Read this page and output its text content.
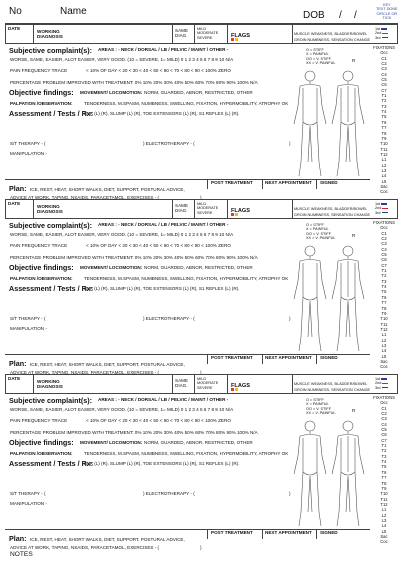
No	Name	DOB / /
KEY
TEXT DONE
CIRCLE OR
TICK
DATE
WORKING
DIAGNOSIS
SAME
DIAG.
MILD
MODERATE
SEVERE	FLAGS	MUSCLE WEAKNESS, BLADDER/BOWEL
GROIN NUMBNESS, SENSATION CHANGE
1st
2nd
3rd
Subjective complaint(s): AREAS : - NECK / DORSAL / LB / PELVIC / MAINT / OTHER -	O = STIFF
X = PAINFUL
OO = V. STIFF
XX = V. PAINFUL
WORSE, SAME, EASIER, ALOT EASIER, VERY GOOD. (10 = SEVERE, 1= MILD) 0 1 2 3 4 5 6 7 8 9 10 N/A
PAIN FREQUENCY TRACE	< 10% OF DAY < 20 < 30 < 40 < 50 < 60 < 70 < 80 < 90 < 100% ZERO
PERCENTAGE PROBLEM IMPROVED WITH TREATMENT: 0% 10% 20% 30% 40% 50% 60% 70% 80% 90% 100% N/A
Objective findings: MOVEMENT/ LOCOMOTION: NORM, GUARDED, ABNOR, RESTRICTED, OTHER
PALPATION /OBSERVATION: TENDERNESS, M.SPASM, NUMBNESS, SWELLING, FIXATION, HYPERMOBILITY, ATROPHY OK
Assessment / Tests / Rx:
SLR (L) (R), SLUMP (L) (R), TOE EXTENSORS (L) (R), S1 REFLEX (L) (R).
S/T THERAPY - (	) ELECTROTHERAPY - (	)
MANIPULATION -
R
POST TREATMENT	NEXT APPOINTMENT SIGNED
Plan: ICE, REST, HEAT, SHORT WALKS, DIET, SUPPORT, POSTURAL ADVICE,
ADVICE AT WORK, TAPING, NSAIDS, PARACETAMOL, EXERCISES - (	)
FIXATIONS
Occ
C1
C2
C3
C4
C5
C6
C7
T1
T2
T3
T4
T5
T6
T7
T8
T9
T10
T11
T12
L1
L2
L3
L4
L5
Sac
Coc
DATE
WORKING
DIAGNOSIS
SAME
DIAG.
MILD
MODERATE
SEVERE	FLAGS	MUSCLE WEAKNESS, BLADDER/BOWEL
GROIN NUMBNESS, SENSATION CHANGE
1st
2nd
3rd
Subjective complaint(s): AREAS : - NECK / DORSAL / LB / PELVIC / MAINT / OTHER -	O = STIFF
X = PAINFUL
OO = V. STIFF
XX = V. PAINFUL
WORSE, SAME, EASIER, ALOT EASIER, VERY GOOD. (10 = SEVERE, 1= MILD) 0 1 2 3 4 5 6 7 8 9 10 N/A
PAIN FREQUENCY TRACE	< 10% OF DAY < 20 < 30 < 40 < 50 < 60 < 70 < 80 < 90 < 100% ZERO
PERCENTAGE PROBLEM IMPROVED WITH TREATMENT: 0% 10% 20% 30% 40% 50% 60% 70% 80% 90% 100% N/A
Objective findings: MOVEMENT/ LOCOMOTION: NORM, GUARDED, ABNOR, RESTRICTED, OTHER
PALPATION /OBSERVATION: TENDERNESS, M.SPASM, NUMBNESS, SWELLING, FIXATION, HYPERMOBILITY, ATROPHY OK
Assessment / Tests / Rx:
SLR (L) (R), SLUMP (L) (R), TOE EXTENSORS (L) (R), S1 REFLEX (L) (R).
S/T THERAPY - (	) ELECTROTHERAPY - (	)
MANIPULATION -
R
POST TREATMENT	NEXT APPOINTMENT SIGNED
Plan: ICE, REST, HEAT, SHORT WALKS, DIET, SUPPORT, POSTURAL ADVICE,
ADVICE AT WORK, TAPING, NSAIDS, PARACETAMOL, EXERCISES - (	)
FIXATIONS
Occ
C1
C2
C3
C4
C5
C6
C7
T1
T2
T3
T4
T5
T6
T7
T8
T9
T10
T11
T12
L1
L2
L3
L4
L5
Sac
Coc
DATE
WORKING
DIAGNOSIS
SAME
DIAG.
MILD
MODERATE
SEVERE	FLAGS	MUSCLE WEAKNESS, BLADDER/BOWEL
GROIN NUMBNESS, SENSATION CHANGE
1st
2nd
3rd
Subjective complaint(s): AREAS : - NECK / DORSAL / LB / PELVIC / MAINT / OTHER -	O = STIFF
X = PAINFUL
OO = V. STIFF
XX = V. PAINFUL
WORSE, SAME, EASIER, ALOT EASIER, VERY GOOD. (10 = SEVERE, 1= MILD) 0 1 2 3 4 5 6 7 8 9 10 N/A
PAIN FREQUENCY TRACE	< 10% OF DAY < 20 < 30 < 40 < 50 < 60 < 70 < 80 < 90 < 100% ZERO
PERCENTAGE PROBLEM IMPROVED WITH TREATMENT: 0% 10% 20% 30% 40% 50% 60% 70% 80% 90% 100% N/A
Objective findings: MOVEMENT/ LOCOMOTION: NORM, GUARDED, ABNOR, RESTRICTED, OTHER
PALPATION /OBSERVATION: TENDERNESS, M.SPASM, NUMBNESS, SWELLING, FIXATION, HYPERMOBILITY, ATROPHY OK
Assessment / Tests / Rx:
SLR (L) (R), SLUMP (L) (R), TOE EXTENSORS (L) (R), S1 REFLEX (L) (R).
S/T THERAPY - (	) ELECTROTHERAPY - (	)
MANIPULATION -
R
POST TREATMENT	NEXT APPOINTMENT SIGNED
Plan: ICE, REST, HEAT, SHORT WALKS, DIET, SUPPORT, POSTURAL ADVICE,
ADVICE AT WORK, TAPING, NSAIDS, PARACETAMOL, EXERCISES - (	)
FIXATIONS
Occ
C1
C2
C3
C4
C5
C6
C7
T1
T2
T3
T4
T5
T6
T7
T8
T9
T10
T11
T12
L1
L2
L3
L4
L5
Sac
Coc
NOTES
